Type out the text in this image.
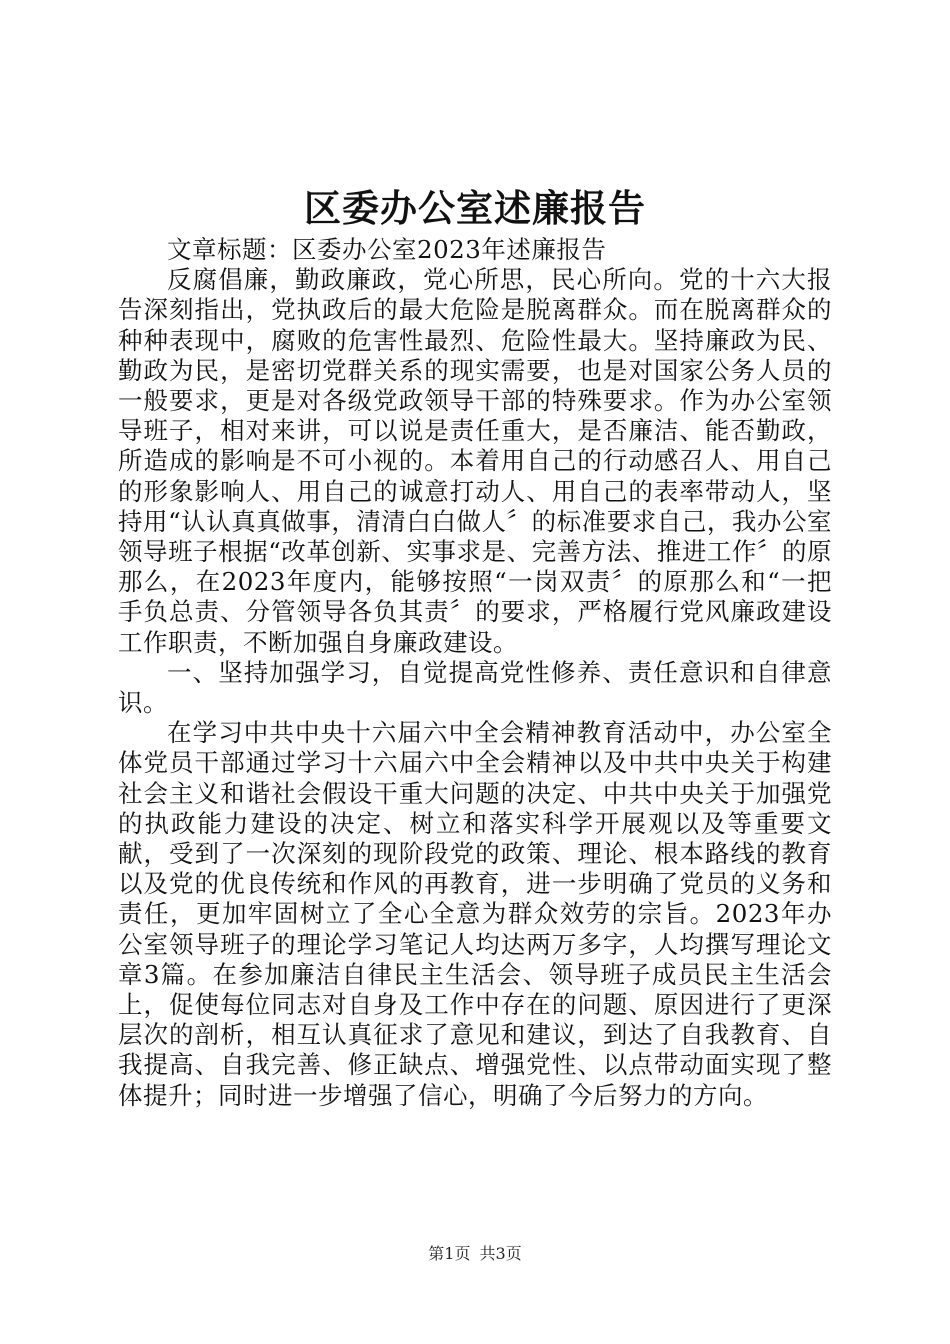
区委办公室述廉报告

文章标题：区委办公室2023年述廉报告

反腐倡廉，勤政廉政，党心所思，民心所向。党的十六大报告深刻指出，党执政后的最大危险是脱离群众。而在脱离群众的种种表现中，腐败的危害性最烈、危险性最大。坚持廉政为民、勤政为民，是密切党群关系的现实需要，也是对国家公务人员的一般要求，更是对各级党政领导干部的特殊要求。作为办公室领导班子，相对来讲，可以说是责任重大，是否廉洁、能否勤政，所造成的影响是不可小视的。本着用自己的行动感召人、用自己的形象影响人、用自己的诚意打动人、用自己的表率带动人，坚持用“认认真真做事，清清白白做人〞的标准要求自己，我办公室领导班子根据“改革创新、实事求是、完善方法、推进工作〞的原那么，在2023年度内，能够按照“一岗双责〞的原那么和“一把手负总责、分管领导各负其责〞的要求，严格履行党风廉政建设工作职责，不断加强自身廉政建设。

一、坚持加强学习，自觉提高党性修养、责任意识和自律意识。

在学习中共中央十六届六中全会精神教育活动中，办公室全体党员干部通过学习十六届六中全会精神以及中共中央关于构建社会主义和谐社会假设干重大问题的决定、中共中央关于加强党的执政能力建设的决定、树立和落实科学开展观以及等重要文献，受到了一次深刻的现阶段党的政策、理论、根本路线的教育以及党的优良传统和作风的再教育，进一步明确了党员的义务和责任，更加牢固树立了全心全意为群众效劳的宗旨。2023年办公室领导班子的理论学习笔记人均达两万多字，人均撰写理论文章3篇。在参加廉洁自律民主生活会、领导班子成员民主生活会上，促使每位同志对自身及工作中存在的问题、原因进行了更深层次的剖析，相互认真征求了意见和建议，到达了自我教育、自我提高、自我完善、修正缺点、增强党性、以点带动面实现了整体提升；同时进一步增强了信心，明确了今后努力的方向。

第1页 共3页
